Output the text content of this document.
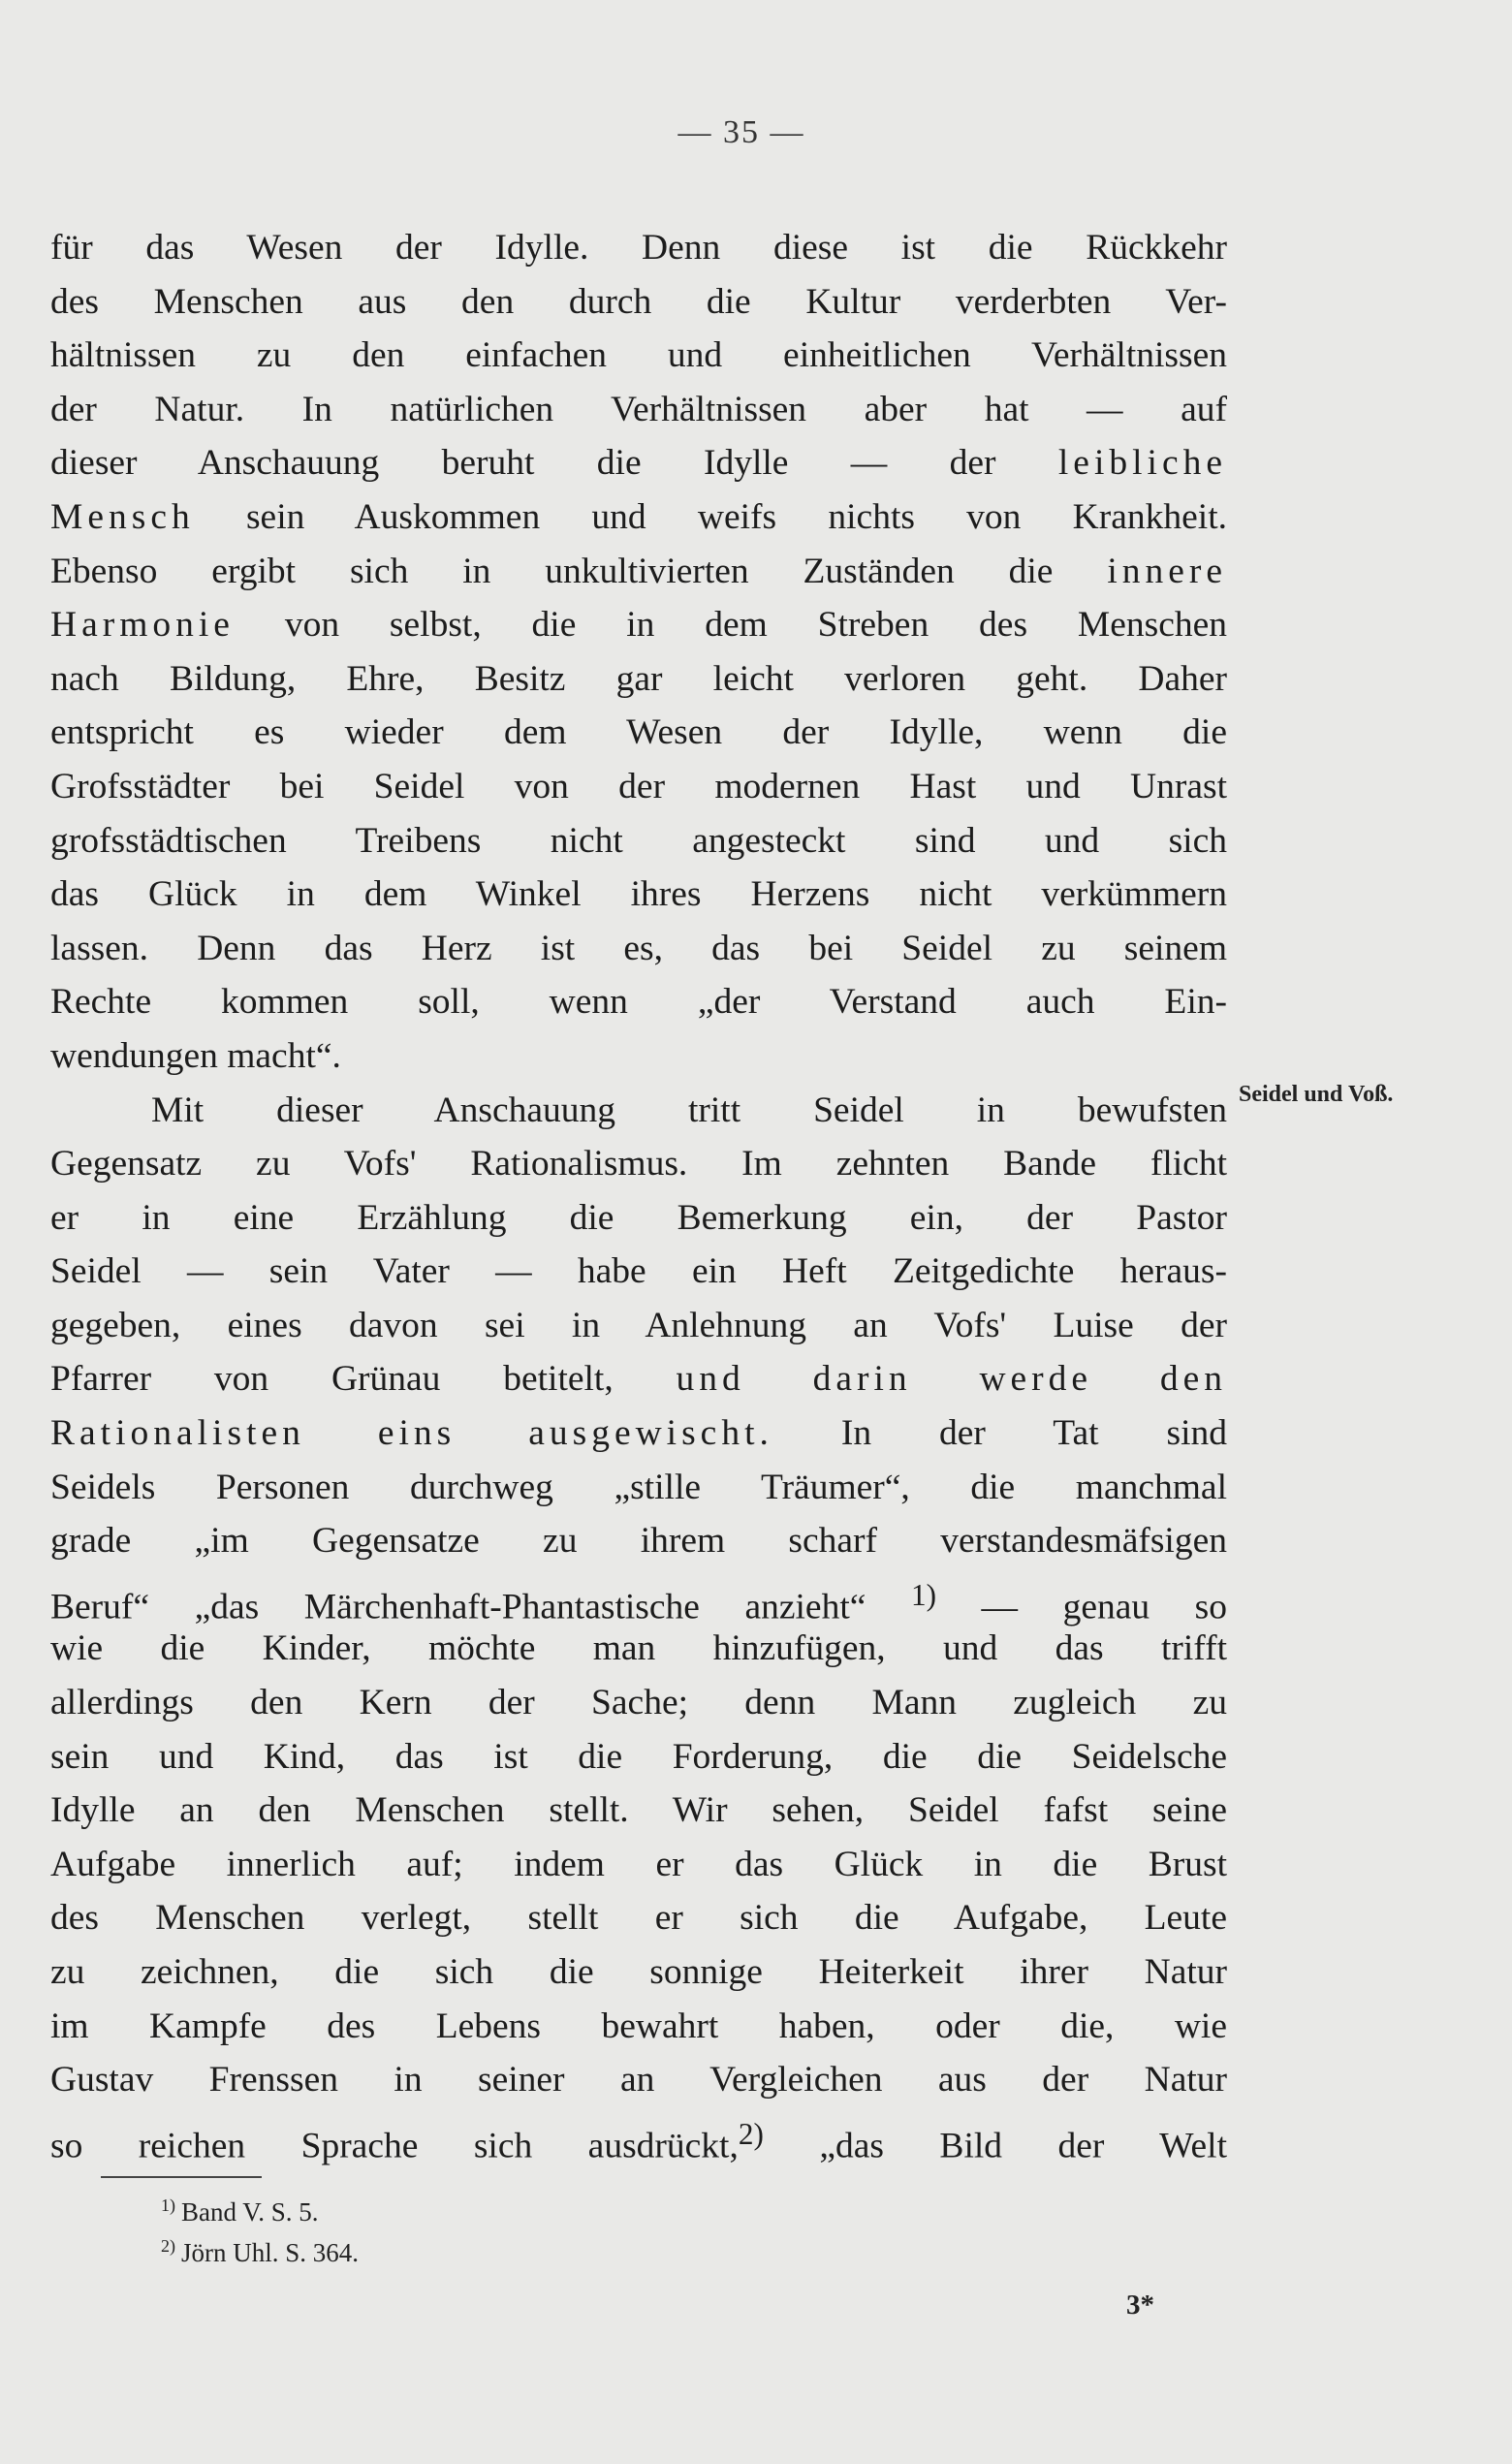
— 35 —
für das Wesen der Idylle. Denn diese ist die Rückkehr
des Menschen aus den durch die Kultur verderbten Ver-
hältnissen zu den einfachen und einheitlichen Verhältnissen
der Natur. In natürlichen Verhältnissen aber hat — auf
dieser Anschauung beruht die Idylle — der leibliche
Mensch sein Auskommen und weifs nichts von Krankheit.
Ebenso ergibt sich in unkultivierten Zuständen die innere
Harmonie von selbst, die in dem Streben des Menschen
nach Bildung, Ehre, Besitz gar leicht verloren geht. Daher
entspricht es wieder dem Wesen der Idylle, wenn die
Grofsstädter bei Seidel von der modernen Hast und Unrast
grofsstädtischen Treibens nicht angesteckt sind und sich
das Glück in dem Winkel ihres Herzens nicht verkümmern
lassen. Denn das Herz ist es, das bei Seidel zu seinem
Rechte kommen soll, wenn „der Verstand auch Ein-
wendungen macht“.
Mit dieser Anschauung tritt Seidel in bewufsten
Gegensatz zu Vofs' Rationalismus. Im zehnten Bande flicht
er in eine Erzählung die Bemerkung ein, der Pastor
Seidel — sein Vater — habe ein Heft Zeitgedichte heraus-
gegeben, eines davon sei in Anlehnung an Vofs' Luise der
Pfarrer von Grünau betitelt, und darin werde den
Rationalisten eins ausgewischt. In der Tat sind
Seidels Personen durchweg „stille Träumer“, die manchmal
grade „im Gegensatze zu ihrem scharf verstandesmäfsigen
Beruf“ „das Märchenhaft-Phantastische anzieht“ $^{1)}$ — genau so
wie die Kinder, möchte man hinzufügen, und das trifft
allerdings den Kern der Sache; denn Mann zugleich zu
sein und Kind, das ist die Forderung, die die Seidelsche
Idylle an den Menschen stellt. Wir sehen, Seidel fafst seine
Aufgabe innerlich auf; indem er das Glück in die Brust
des Menschen verlegt, stellt er sich die Aufgabe, Leute
zu zeichnen, die sich die sonnige Heiterkeit ihrer Natur
im Kampfe des Lebens bewahrt haben, oder die, wie
Gustav Frenssen in seiner an Vergleichen aus der Natur
so reichen Sprache sich ausdrückt,$^{2)}$ „das Bild der Welt
Seidel und Voß.
$^{1)}$ Band V. S. 5.
$^{2)}$ Jörn Uhl. S. 364.
3*
